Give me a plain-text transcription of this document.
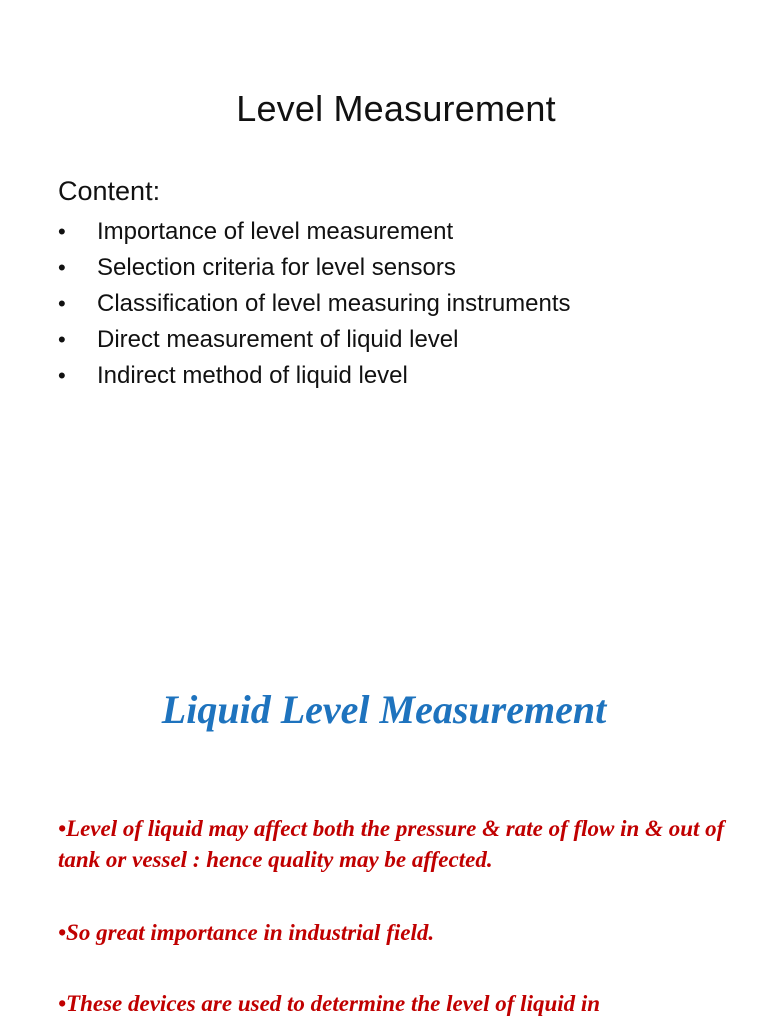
Level Measurement
Content:
•	Importance of level measurement
•	Selection criteria for level sensors
•	Classification of level measuring instruments
•	Direct measurement of liquid level
•	Indirect method of liquid level
Liquid Level Measurement
•Level of liquid may affect both the pressure & rate of flow in & out of tank or vessel : hence quality may be affected.
•So great importance in industrial field.
•These devices are used to determine the level of liquid in
